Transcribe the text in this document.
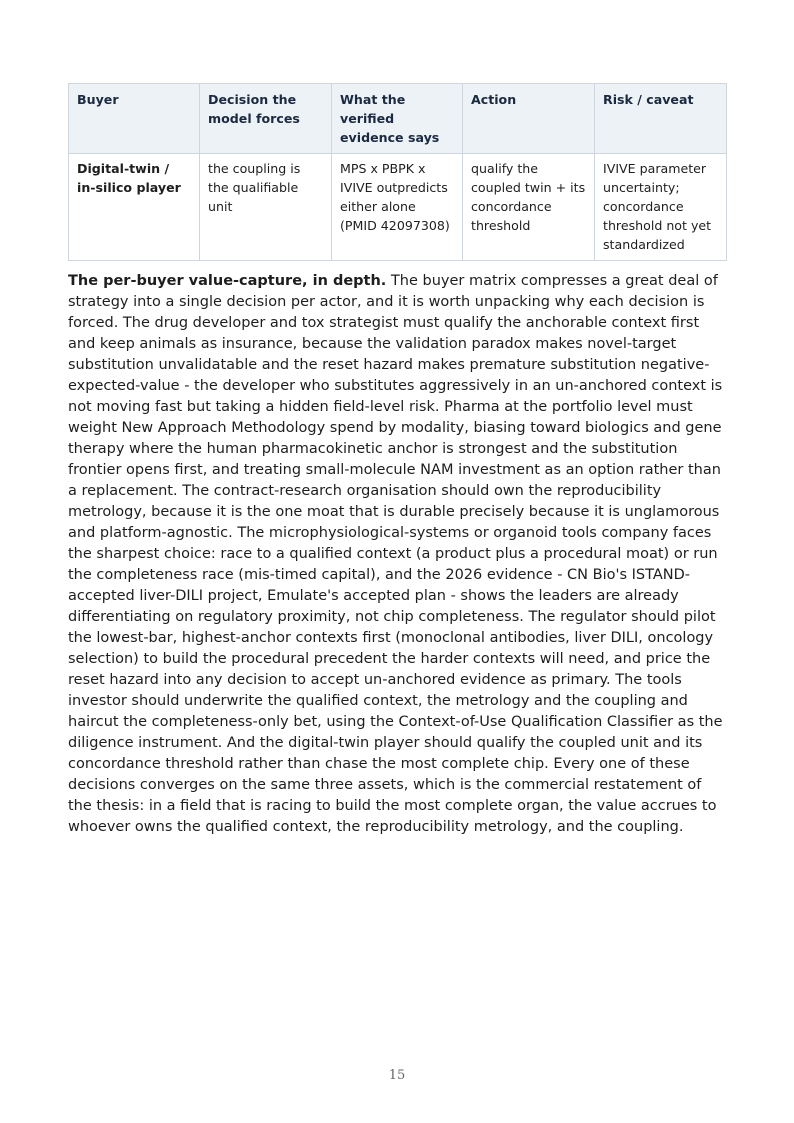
Buyer	Decision the model forces	What the verified evidence says	Action	Risk / caveat
Digital-twin / in-silico player	the coupling is the qualifiable unit	MPS x PBPK x IVIVE outpredicts either alone (PMID 42097308)	qualify the coupled twin + its concordance threshold	IVIVE parameter uncertainty; concordance threshold not yet standardized

The per-buyer value-capture, in depth. The buyer matrix compresses a great deal of strategy into a single decision per actor, and it is worth unpacking why each decision is forced. The drug developer and tox strategist must qualify the anchorable context first and keep animals as insurance, because the validation paradox makes novel-target substitution unvalidatable and the reset hazard makes premature substitution negative-expected-value - the developer who substitutes aggressively in an un-anchored context is not moving fast but taking a hidden field-level risk. Pharma at the portfolio level must weight New Approach Methodology spend by modality, biasing toward biologics and gene therapy where the human pharmacokinetic anchor is strongest and the substitution frontier opens first, and treating small-molecule NAM investment as an option rather than a replacement. The contract-research organisation should own the reproducibility metrology, because it is the one moat that is durable precisely because it is unglamorous and platform-agnostic. The microphysiological-systems or organoid tools company faces the sharpest choice: race to a qualified context (a product plus a procedural moat) or run the completeness race (mis-timed capital), and the 2026 evidence - CN Bio's ISTAND-accepted liver-DILI project, Emulate's accepted plan - shows the leaders are already differentiating on regulatory proximity, not chip completeness. The regulator should pilot the lowest-bar, highest-anchor contexts first (monoclonal antibodies, liver DILI, oncology selection) to build the procedural precedent the harder contexts will need, and price the reset hazard into any decision to accept un-anchored evidence as primary. The tools investor should underwrite the qualified context, the metrology and the coupling and haircut the completeness-only bet, using the Context-of-Use Qualification Classifier as the diligence instrument. And the digital-twin player should qualify the coupled unit and its concordance threshold rather than chase the most complete chip. Every one of these decisions converges on the same three assets, which is the commercial restatement of the thesis: in a field that is racing to build the most complete organ, the value accrues to whoever owns the qualified context, the reproducibility metrology, and the coupling.

15
